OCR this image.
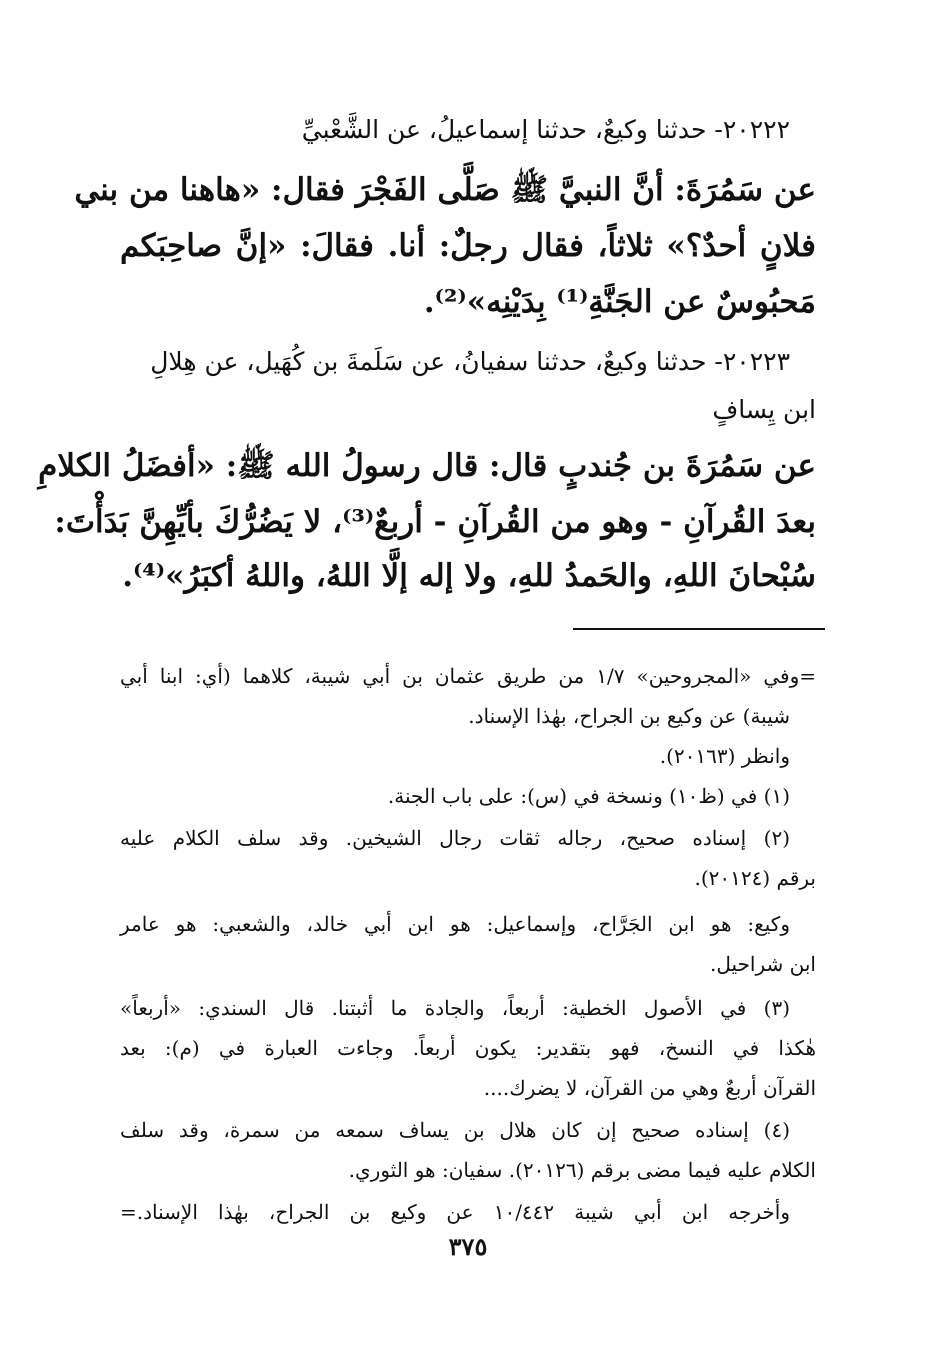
٢٠٢٢٢- حدثنا وكيعٌ، حدثنا إسماعيلُ، عن الشَّعْبيِّ
عن سَمُرَةَ: أنَّ النبيَّ ﷺ صَلَّى الفَجْرَ فقال: «هاهنا من بني
فلانٍ أحدٌ؟» ثلاثاً، فقال رجلٌ: أنا. فقالَ: «إنَّ صاحِبَكم
مَحبُوسٌ عن الجَنَّةِ⁽¹⁾ بِدَيْنِه»⁽²⁾.
٢٠٢٢٣- حدثنا وكيعٌ، حدثنا سفيانُ، عن سَلَمةَ بن كُهَيل، عن هِلالِ
ابن يِسافٍ
عن سَمُرَةَ بن جُندبٍ قال: قال رسولُ الله ﷺ: «أفضَلُ الكلامِ
بعدَ القُرآنِ - وهو من القُرآنِ - أربعٌ⁽³⁾، لا يَضُرُّكَ بأيِّهِنَّ بَدَأْتَ:
سُبْحانَ اللهِ، والحَمدُ للهِ، ولا إله إلَّا اللهُ، واللهُ أكبَرُ»⁽⁴⁾.
=وفي «المجروحين» ١/٧ من طريق عثمان بن أبي شيبة، كلاهما (أي: ابنا أبي
شيبة) عن وكيع بن الجراح، بهٰذا الإسناد.
وانظر (٢٠١٦٣).
(١) في (ظ١٠) ونسخة في (س): على باب الجنة.
(٢) إسناده صحيح، رجاله ثقات رجال الشيخين. وقد سلف الكلام عليه
برقم (٢٠١٢٤).
وكيع: هو ابن الجَرَّاح، وإسماعيل: هو ابن أبي خالد، والشعبي: هو عامر
ابن شراحيل.
(٣) في الأصول الخطية: أربعاً، والجادة ما أثبتنا. قال السندي: «أربعاً»
هٰكذا في النسخ، فهو بتقدير: يكون أربعاً. وجاءت العبارة في (م): بعد
القرآن أربعٌ وهي من القرآن، لا يضرك....
(٤) إسناده صحيح إن كان هلال بن يساف سمعه من سمرة، وقد سلف
الكلام عليه فيما مضى برقم (٢٠١٢٦). سفيان: هو الثوري.
وأخرجه ابن أبي شيبة ١٠/٤٤٢ عن وكيع بن الجراح، بهٰذا الإسناد.=
٣٧٥
